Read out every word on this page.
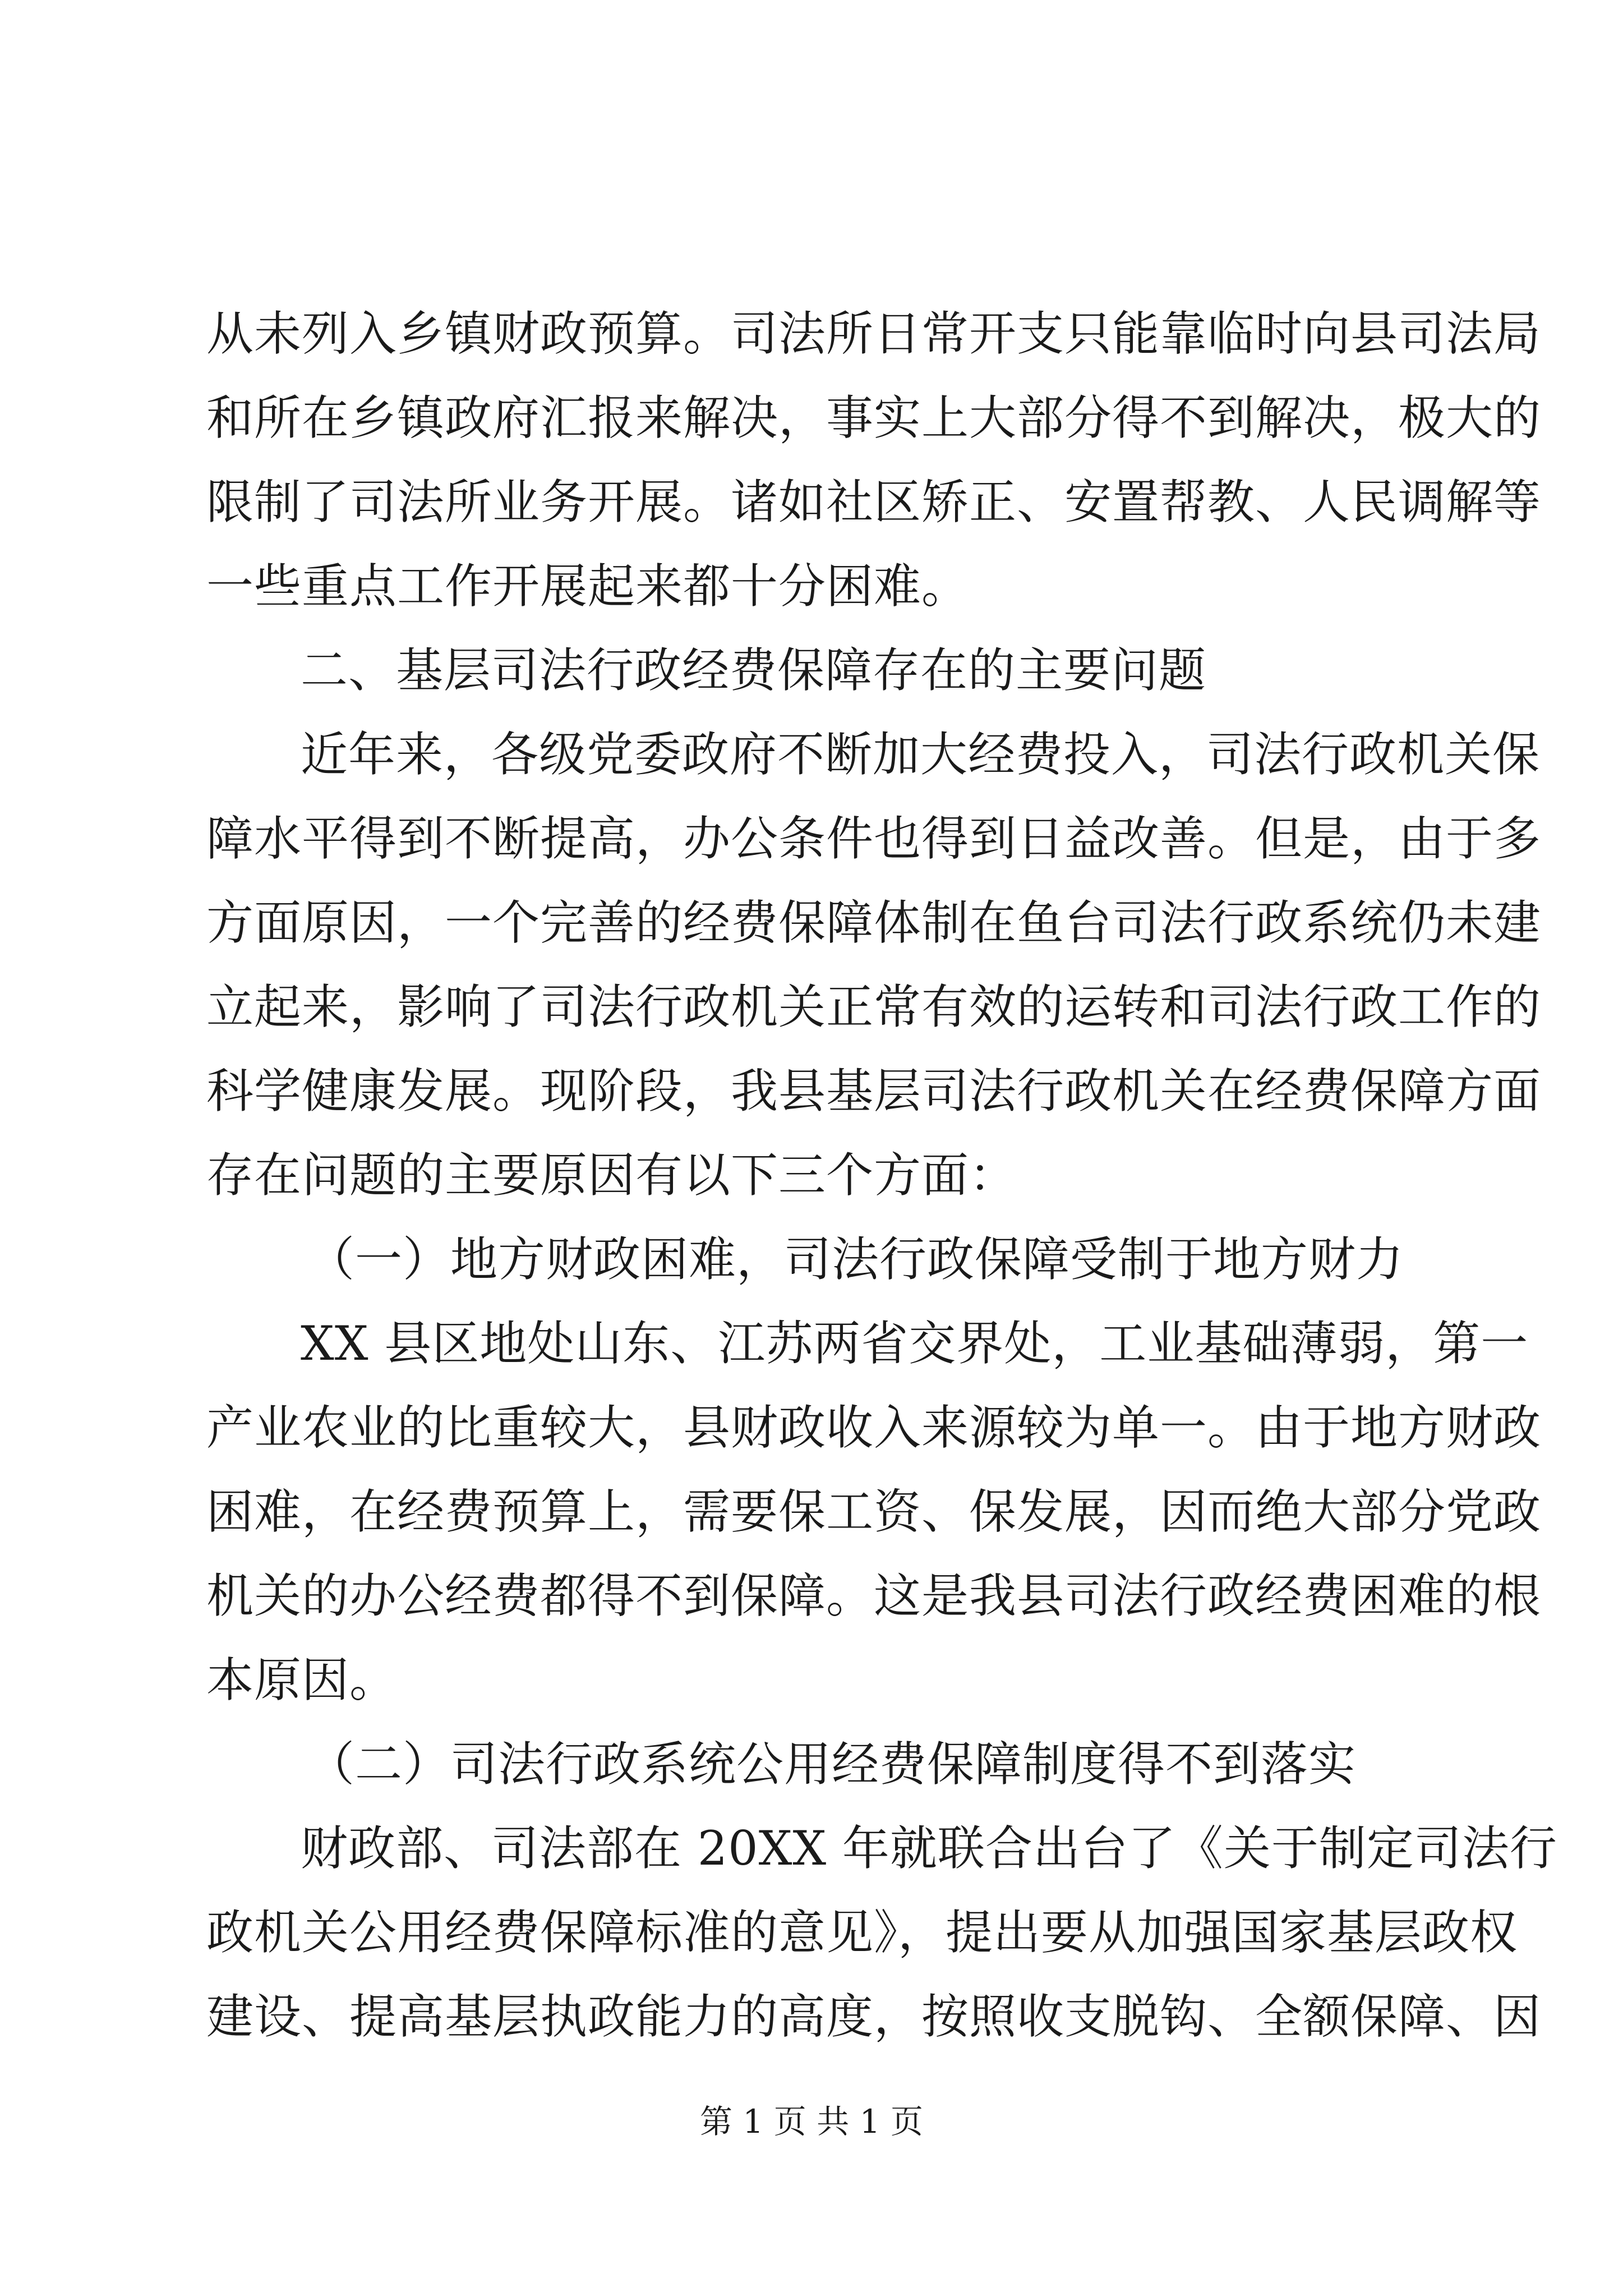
从未列入乡镇财政预算。司法所日常开支只能靠临时向县司法局
和所在乡镇政府汇报来解决，事实上大部分得不到解决，极大的
限制了司法所业务开展。诸如社区矫正、安置帮教、人民调解等
一些重点工作开展起来都十分困难。
二、基层司法行政经费保障存在的主要问题
近年来，各级党委政府不断加大经费投入，司法行政机关保
障水平得到不断提高，办公条件也得到日益改善。但是，由于多
方面原因，一个完善的经费保障体制在鱼台司法行政系统仍未建
立起来，影响了司法行政机关正常有效的运转和司法行政工作的
科学健康发展。现阶段，我县基层司法行政机关在经费保障方面
存在问题的主要原因有以下三个方面：
（一）地方财政困难，司法行政保障受制于地方财力
XX 县区地处山东、江苏两省交界处，工业基础薄弱，第一
产业农业的比重较大，县财政收入来源较为单一。由于地方财政
困难，在经费预算上，需要保工资、保发展，因而绝大部分党政
机关的办公经费都得不到保障。这是我县司法行政经费困难的根
本原因。
（二）司法行政系统公用经费保障制度得不到落实
财政部、司法部在 20XX 年就联合出台了《关于制定司法行
政机关公用经费保障标准的意见》，提出要从加强国家基层政权
建设、提高基层执政能力的高度，按照收支脱钩、全额保障、因
第 1 页 共 1 页
